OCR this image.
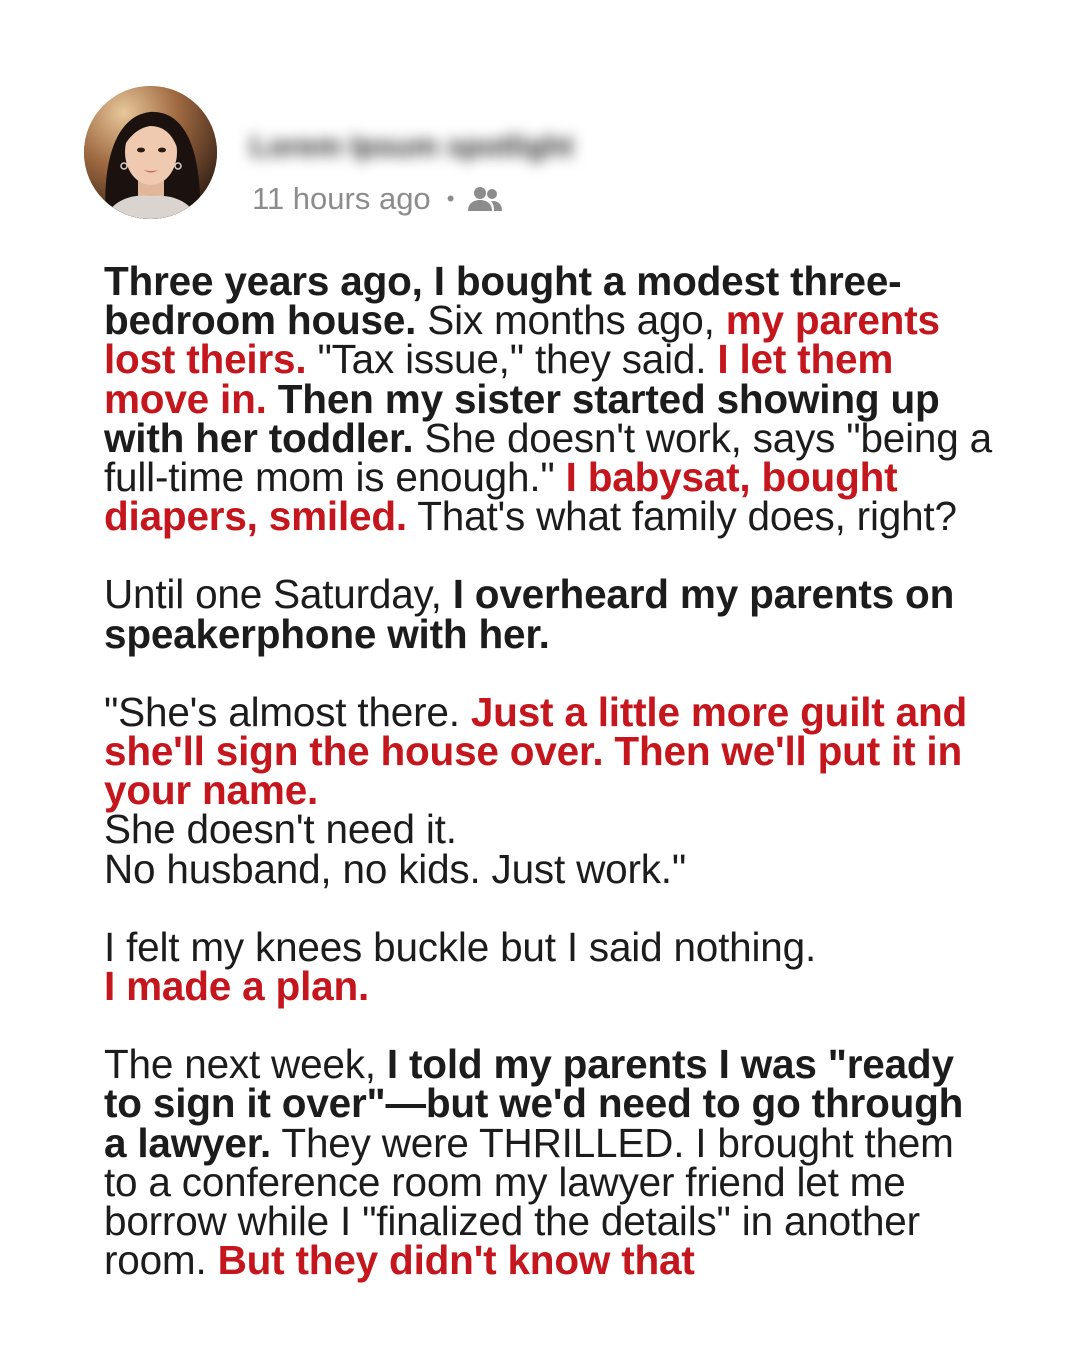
Lorem Ipsum spotlight
11 hours ago •

Three years ago, I bought a modest three-bedroom house. Six months ago, my parents lost theirs. "Tax issue," they said. I let them move in. Then my sister started showing up with her toddler. She doesn't work, says "being a full-time mom is enough." I babysat, bought diapers, smiled. That's what family does, right?

Until one Saturday, I overheard my parents on speakerphone with her.

"She's almost there. Just a little more guilt and she'll sign the house over. Then we'll put it in your name.
She doesn't need it.
No husband, no kids. Just work."

I felt my knees buckle but I said nothing.
I made a plan.

The next week, I told my parents I was "ready to sign it over"—but we'd need to go through a lawyer. They were THRILLED. I brought them to a conference room my lawyer friend let me borrow while I "finalized the details" in another room. But they didn't know that
